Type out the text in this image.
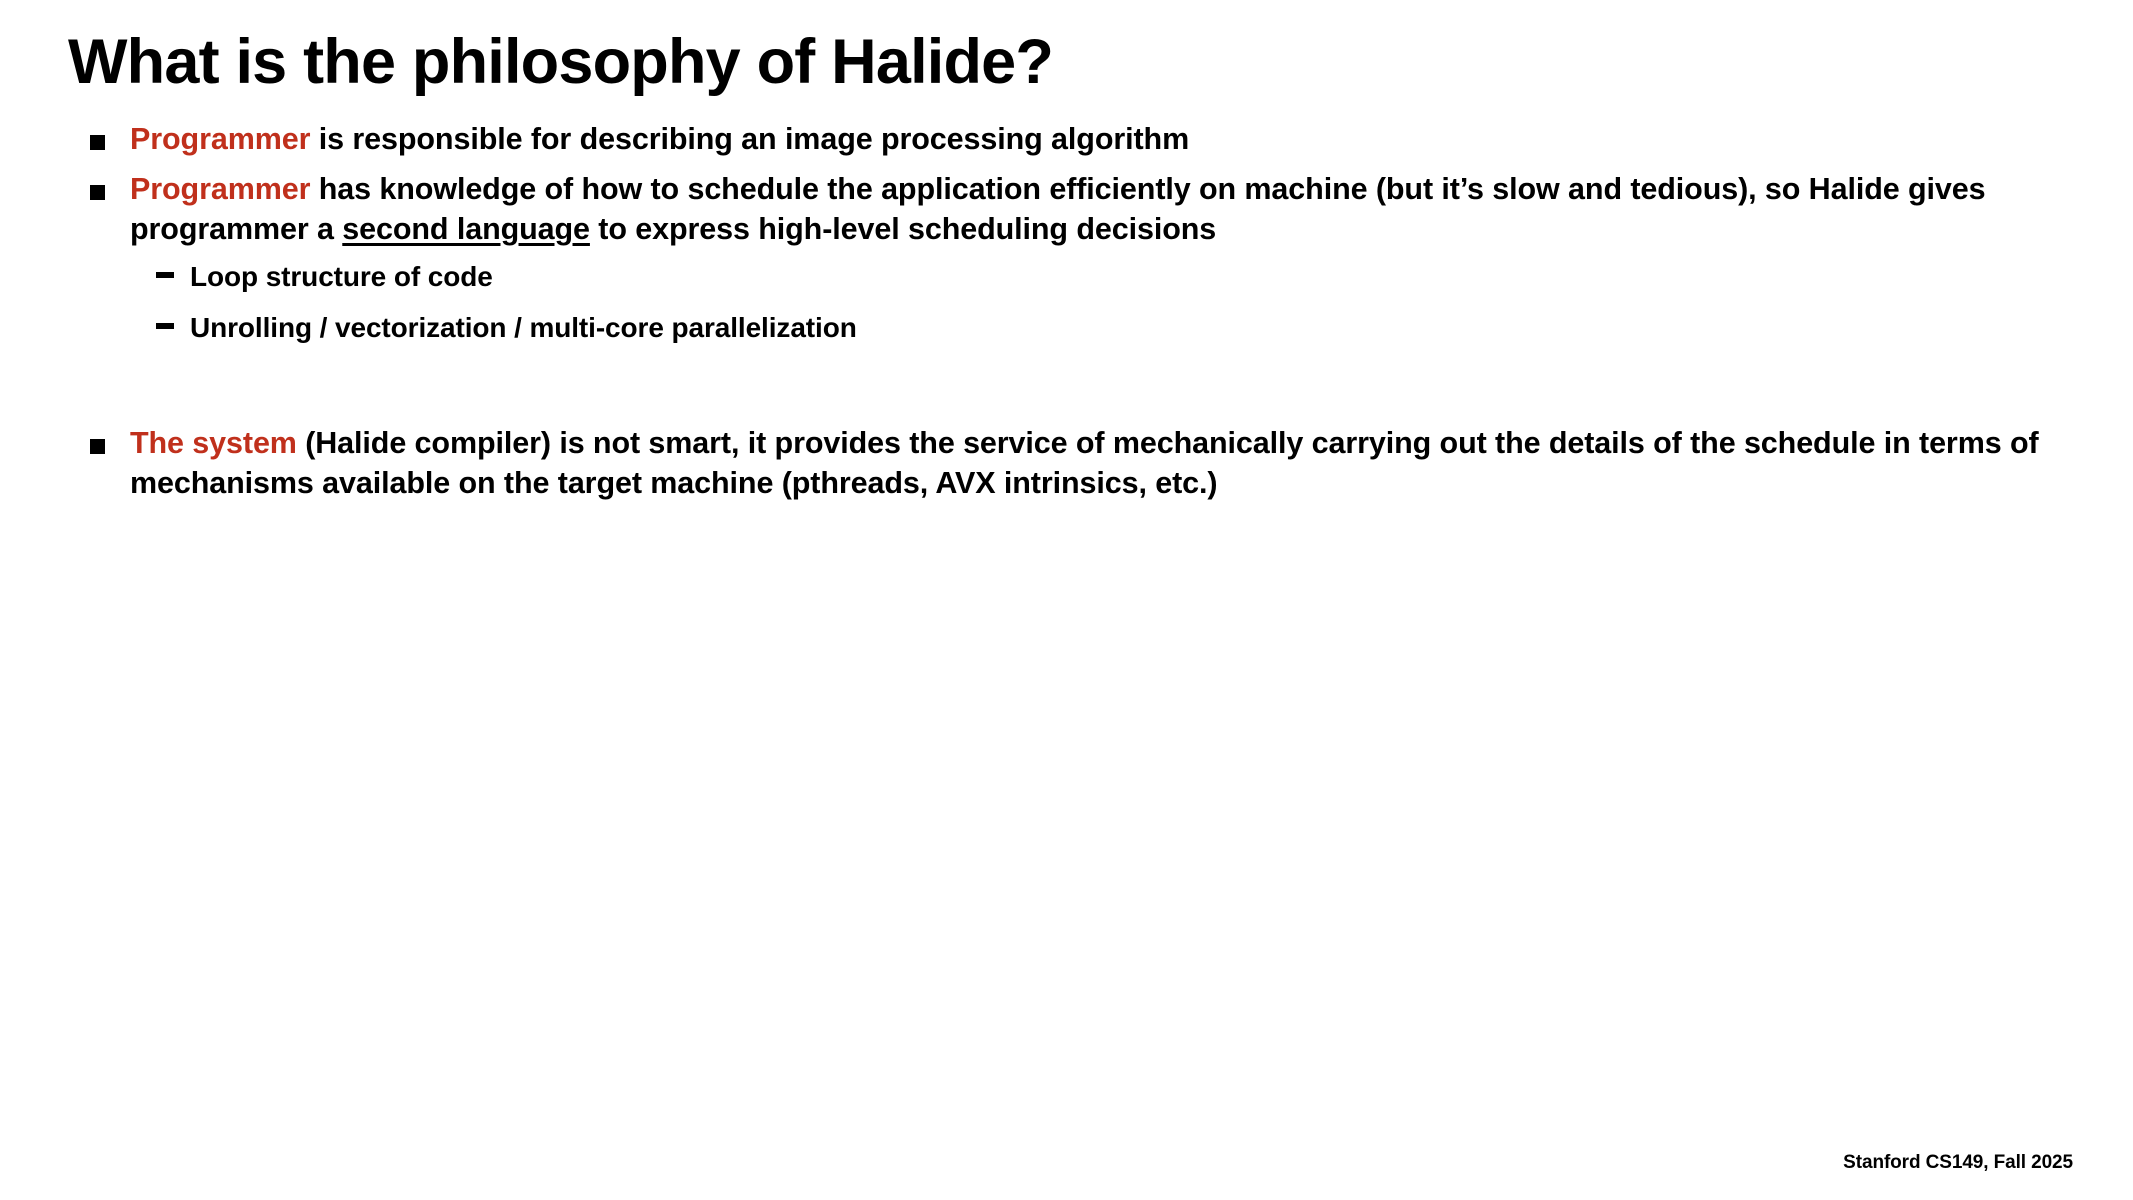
What is the philosophy of Halide?
Programmer is responsible for describing an image processing algorithm
Programmer has knowledge of how to schedule the application efficiently on machine (but it’s slow and tedious), so Halide gives programmer a second language to express high-level scheduling decisions
Loop structure of code
Unrolling / vectorization / multi-core parallelization
The system (Halide compiler) is not smart, it provides the service of mechanically carrying out the details of the schedule in terms of mechanisms available on the target machine (pthreads, AVX intrinsics, etc.)
Stanford CS149, Fall 2025
